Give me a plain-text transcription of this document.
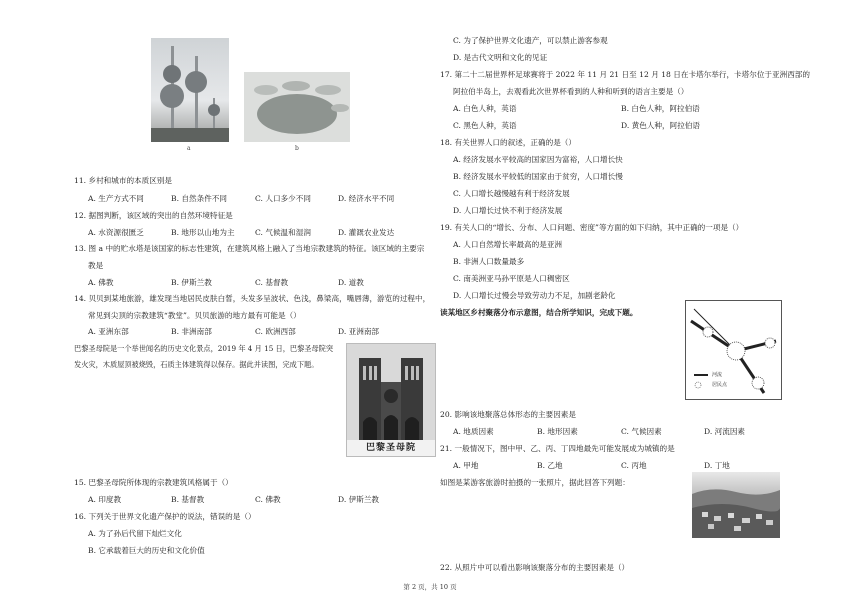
a	b
11. 乡村和城市的本质区别是
A. 生产方式不同	B. 自然条件不同	C. 人口多少不同	D. 经济水平不同
12. 据图判断，该区域的突出的自然环境特征是
A. 水资源很匮乏	B. 地形以山地为主	C. 气候温和湿润	D. 灌溉农业发达
13. 图 a 中的贮水塔是该国家的标志性建筑，在建筑风格上融入了当地宗教建筑的特征。该区域的主要宗
教是
A. 佛教	B. 伊斯兰教	C. 基督教	D. 道教
14. 贝贝到某地旅游，雄发现当地居民皮肤白皙，头发多呈波状、色浅，鼻梁高，嘴唇薄，游览的过程中，
常见到尖顶的宗教建筑“教堂”。贝贝旅游的地方最有可能是（）
A. 亚洲东部	B. 非洲南部	C. 欧洲西部	D. 亚洲南部
巴黎圣母院是一个举世闻名的历史文化景点，2019 年 4 月 15 日，巴黎圣母院突
发火灾，木质屋顶被烧毁，石质主体建筑得以保存。据此并读图，完成下题。
巴黎圣母院
15. 巴黎圣母院所体现的宗教建筑风格属于（）
A. 印度教	B. 基督教	C. 佛教	D. 伊斯兰教
16. 下列关于世界文化遗产保护的说法，错误的是（）
A. 为了孙后代留下灿烂文化
B. 它承载着巨大的历史和文化价值
C. 为了保护世界文化遗产，可以禁止游客参观
D. 是古代文明和文化的见证
17. 第二十二届世界杯足球赛将于 2022 年 11 月 21 日至 12 月 18 日在卡塔尔举行，卡塔尔位于亚洲西部的
阿拉伯半岛上，去观看此次世界杯看到的人种和听到的语言主要是（）
A. 白色人种，英语	B. 白色人种，阿拉伯语
C. 黑色人种，英语	D. 黄色人种，阿拉伯语
18. 有关世界人口的叙述，正确的是（）
A. 经济发展水平较高的国家因为富裕，人口增长快
B. 经济发展水平较低的国家由于贫穷，人口增长慢
C. 人口增长越慢越有利于经济发展
D. 人口增长过快不利于经济发展
19. 有关人口的“增长、分布、人口问题、密度”等方面的如下归纳，其中正确的一项是（）
A. 人口自然增长率最高的是亚洲
B. 非洲人口数量最多
C. 南美洲亚马孙平原是人口稠密区
D. 人口增长过慢会导致劳动力不足，加剧老龄化
读某地区乡村聚落分布示意图，结合所学知识，完成下题。
河流
居民点
20. 影响该地聚落总体形态的主要因素是
A. 地质因素	B. 地形因素	C. 气候因素	D. 河流因素
21. 一般情况下，图中甲、乙、丙、丁四地最先可能发展成为城镇的是
A. 甲地	B. 乙地	C. 丙地	D. 丁地
如图是某游客旅游时拍摄的一张照片，据此回答下列题：
22. 从照片中可以看出影响该聚落分布的主要因素是（）
第 2 页，共 10 页
